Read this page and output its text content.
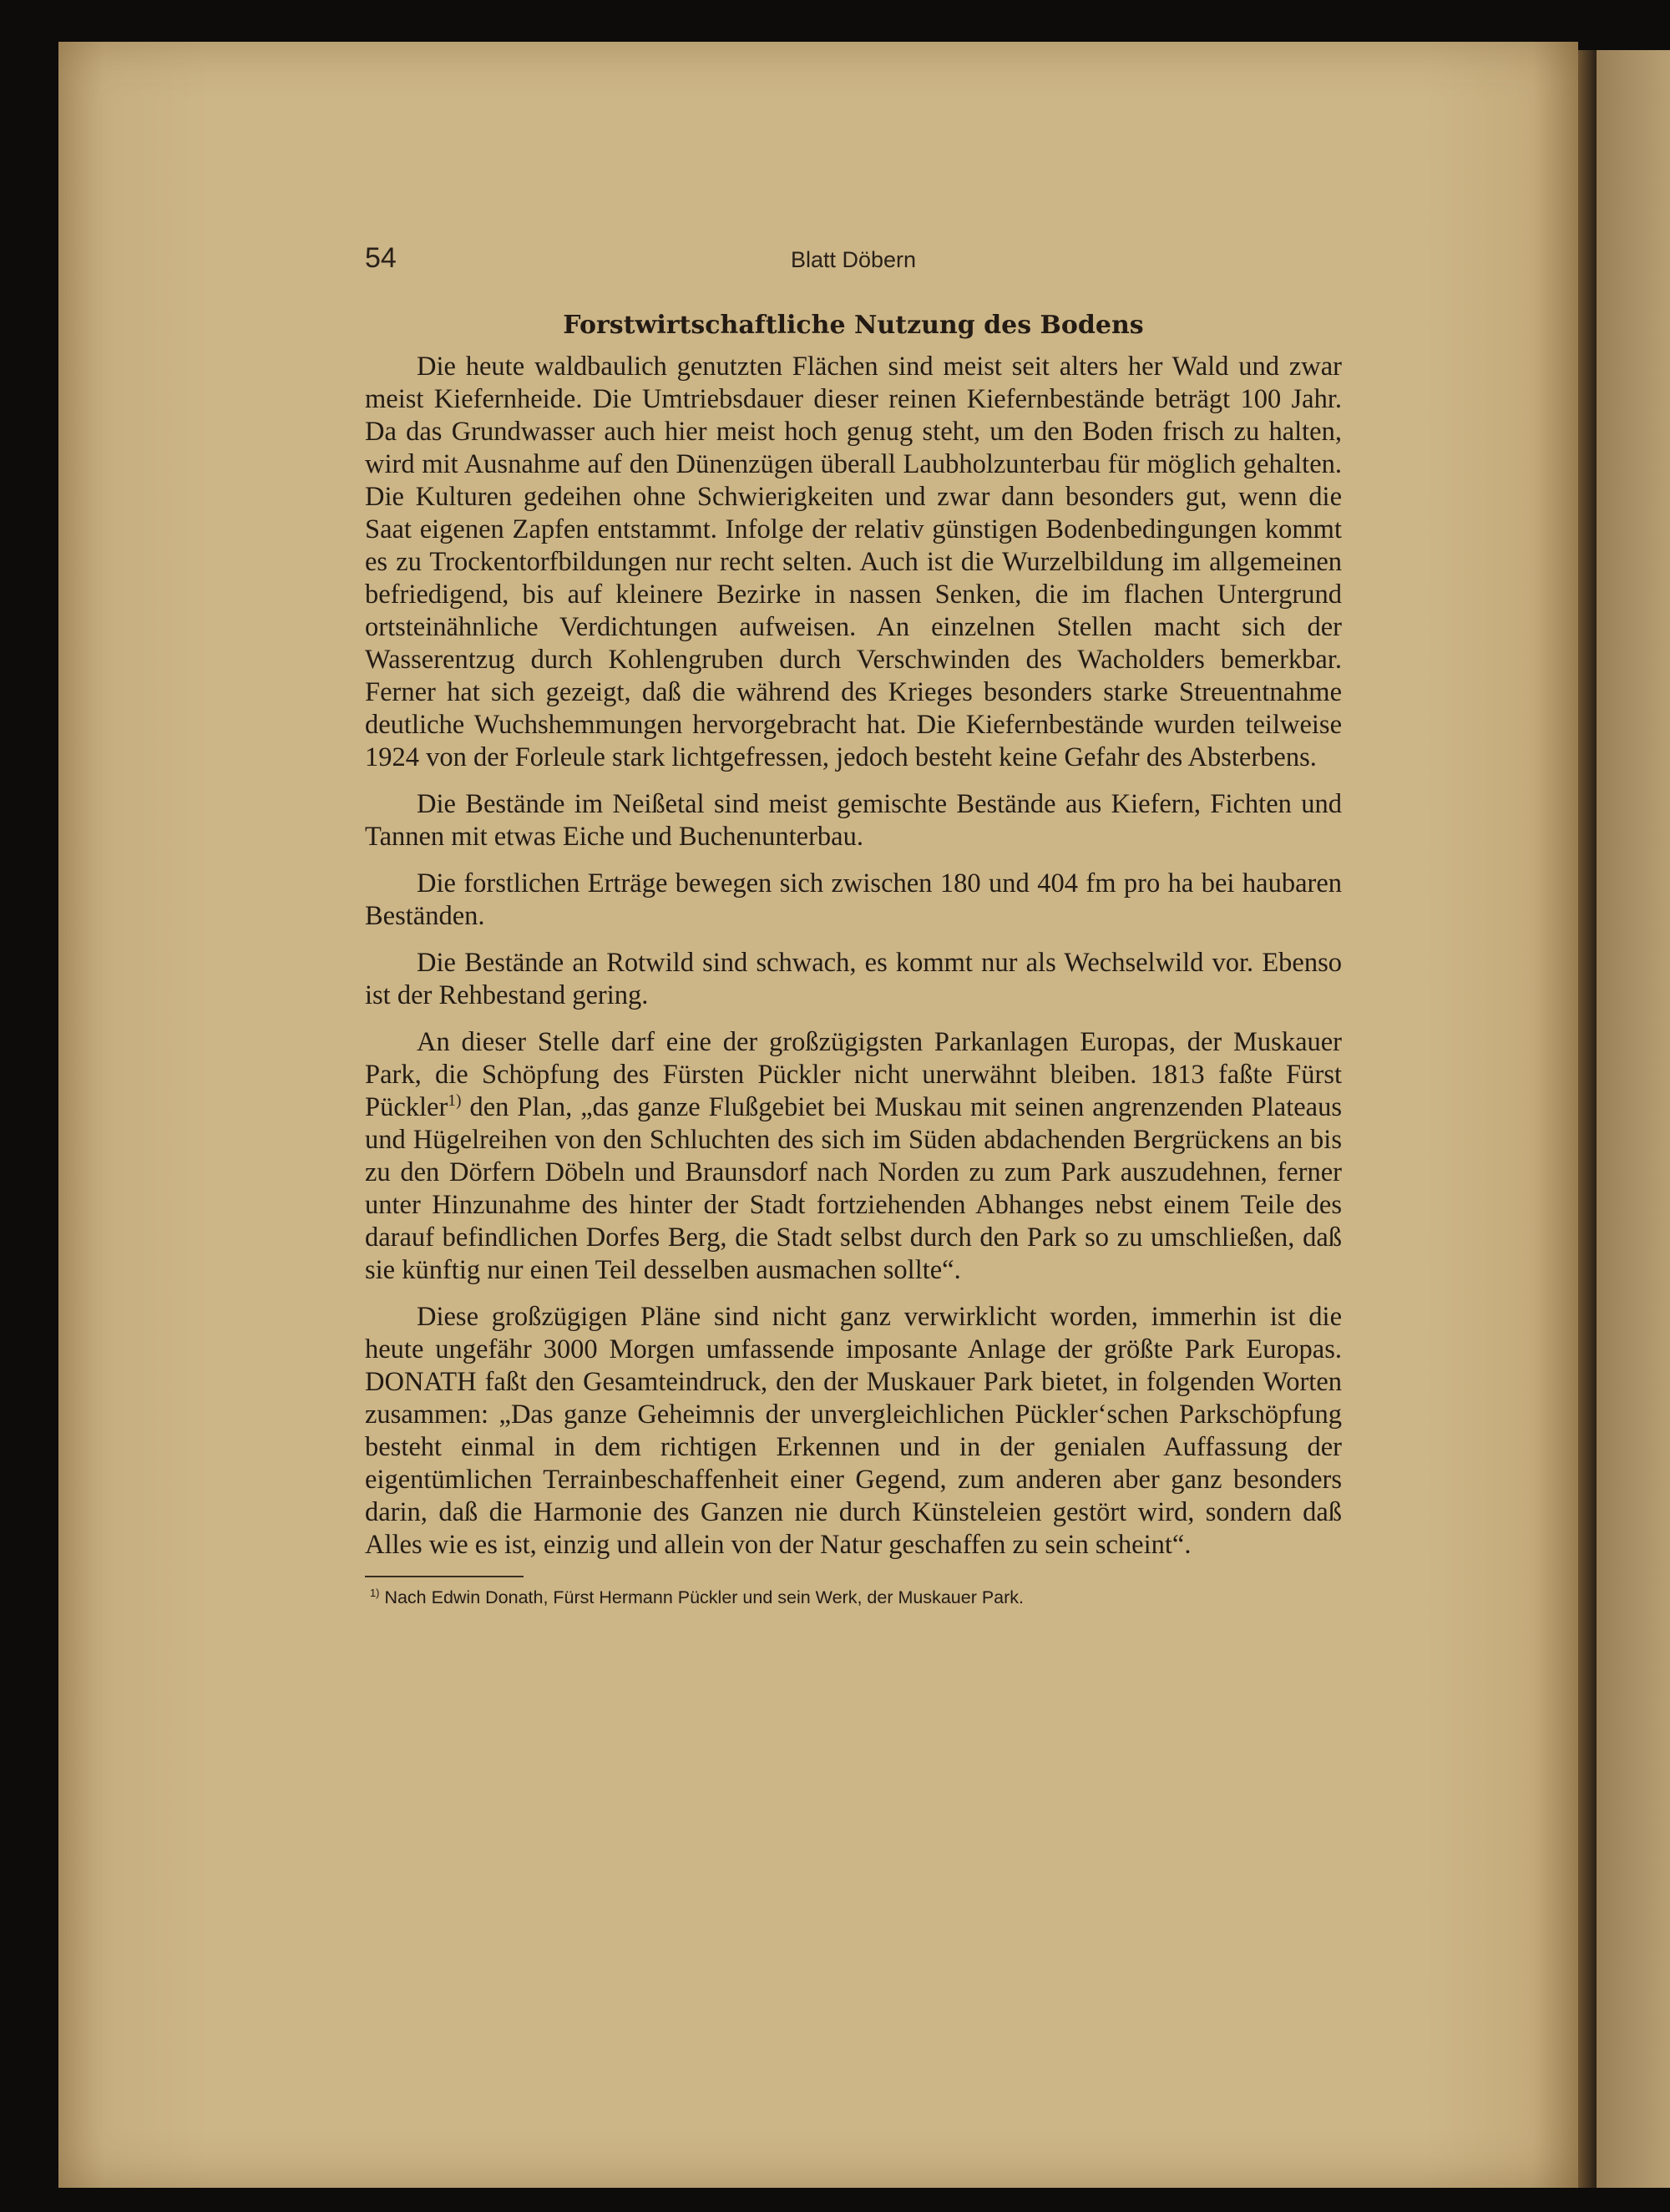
54	Blatt Döbern
Forstwirtschaftliche Nutzung des Bodens

Die heute waldbaulich genutzten Flächen sind meist seit alters her Wald und zwar meist Kiefernheide. Die Umtriebsdauer dieser reinen Kiefernbestände beträgt 100 Jahr. Da das Grundwasser auch hier meist hoch genug steht, um den Boden frisch zu halten, wird mit Ausnahme auf den Dünenzügen überall Laubholzunterbau für möglich gehalten. Die Kulturen gedeihen ohne Schwierigkeiten und zwar dann besonders gut, wenn die Saat eigenen Zapfen entstammt. Infolge der relativ günstigen Bodenbedingungen kommt es zu Trockentorfbildungen nur recht selten. Auch ist die Wurzelbildung im allgemeinen befriedigend, bis auf kleinere Bezirke in nassen Senken, die im flachen Untergrund ortsteinähnliche Verdichtungen aufweisen. An einzelnen Stellen macht sich der Wasserentzug durch Kohlengruben durch Verschwinden des Wacholders bemerkbar. Ferner hat sich gezeigt, daß die während des Krieges besonders starke Streuentnahme deutliche Wuchshemmungen hervorgebracht hat. Die Kiefernbestände wurden teilweise 1924 von der Forleule stark lichtgefressen, jedoch besteht keine Gefahr des Absterbens.

Die Bestände im Neißetal sind meist gemischte Bestände aus Kiefern, Fichten und Tannen mit etwas Eiche und Buchenunterbau.

Die forstlichen Erträge bewegen sich zwischen 180 und 404 fm pro ha bei haubaren Beständen.

Die Bestände an Rotwild sind schwach, es kommt nur als Wechselwild vor. Ebenso ist der Rehbestand gering.

An dieser Stelle darf eine der großzügigsten Parkanlagen Europas, der Muskauer Park, die Schöpfung des Fürsten Pückler nicht unerwähnt bleiben. 1813 faßte Fürst Pückler$^{1)}$ den Plan, „das ganze Flußgebiet bei Muskau mit seinen angrenzenden Plateaus und Hügelreihen von den Schluchten des sich im Süden abdachenden Bergrückens an bis zu den Dörfern Döbeln und Braunsdorf nach Norden zu zum Park auszudehnen, ferner unter Hinzunahme des hinter der Stadt fortziehenden Abhanges nebst einem Teile des darauf befindlichen Dorfes Berg, die Stadt selbst durch den Park so zu umschließen, daß sie künftig nur einen Teil desselben ausmachen sollte“.

Diese großzügigen Pläne sind nicht ganz verwirklicht worden, immerhin ist die heute ungefähr 3000 Morgen umfassende imposante Anlage der größte Park Europas. DONATH faßt den Gesamteindruck, den der Muskauer Park bietet, in folgenden Worten zusammen: „Das ganze Geheimnis der unvergleichlichen Pückler‘schen Parkschöpfung besteht einmal in dem richtigen Erkennen und in der genialen Auffassung der eigentümlichen Terrainbeschaffenheit einer Gegend, zum anderen aber ganz besonders darin, daß die Harmonie des Ganzen nie durch Künsteleien gestört wird, sondern daß Alles wie es ist, einzig und allein von der Natur geschaffen zu sein scheint“.

$^{1)}$ Nach Edwin Donath, Fürst Hermann Pückler und sein Werk, der Muskauer Park.
